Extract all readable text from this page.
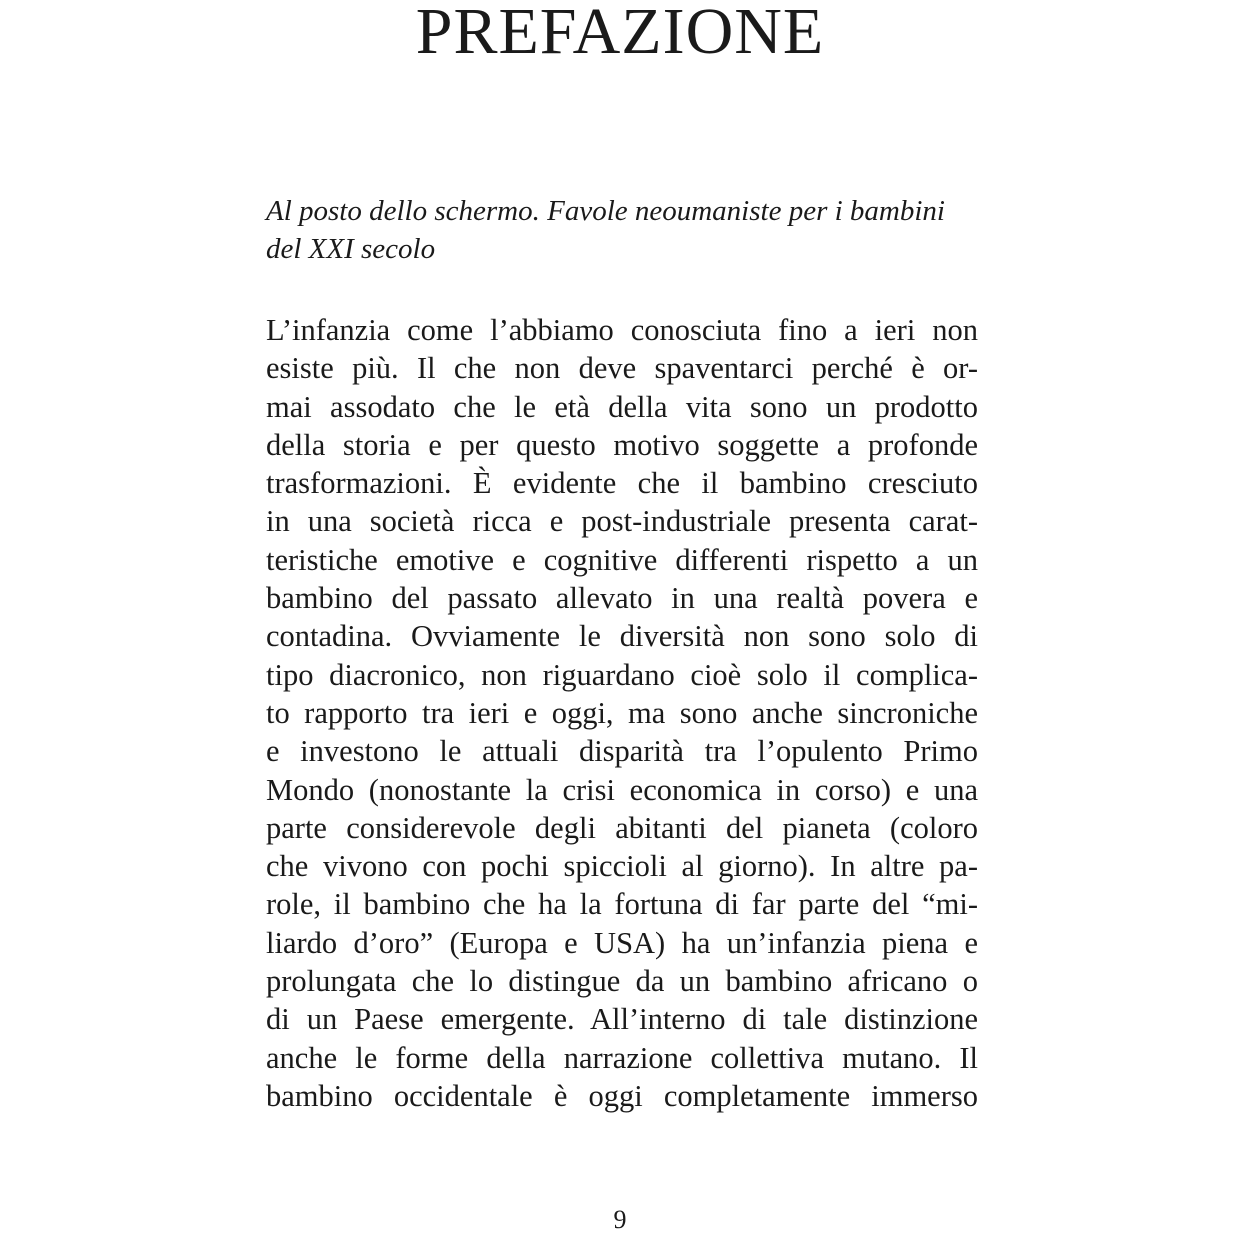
PREFAZIONE
Al posto dello schermo. Favole neoumaniste per i bambini
del XXI secolo
L’infanzia come l’abbiamo conosciuta fino a ieri non
esiste più. Il che non deve spaventarci perché è or-
mai assodato che le età della vita sono un prodotto
della storia e per questo motivo soggette a profonde
trasformazioni. È evidente che il bambino cresciuto
in una società ricca e post-industriale presenta carat-
teristiche emotive e cognitive differenti rispetto a un
bambino del passato allevato in una realtà povera e
contadina. Ovviamente le diversità non sono solo di
tipo diacronico, non riguardano cioè solo il complica-
to rapporto tra ieri e oggi, ma sono anche sincroniche
e investono le attuali disparità tra l’opulento Primo
Mondo (nonostante la crisi economica in corso) e una
parte considerevole degli abitanti del pianeta (coloro
che vivono con pochi spiccioli al giorno). In altre pa-
role, il bambino che ha la fortuna di far parte del “mi-
liardo d’oro” (Europa e USA) ha un’infanzia piena e
prolungata che lo distingue da un bambino africano o
di un Paese emergente. All’interno di tale distinzione
anche le forme della narrazione collettiva mutano. Il
bambino occidentale è oggi completamente immerso
9
